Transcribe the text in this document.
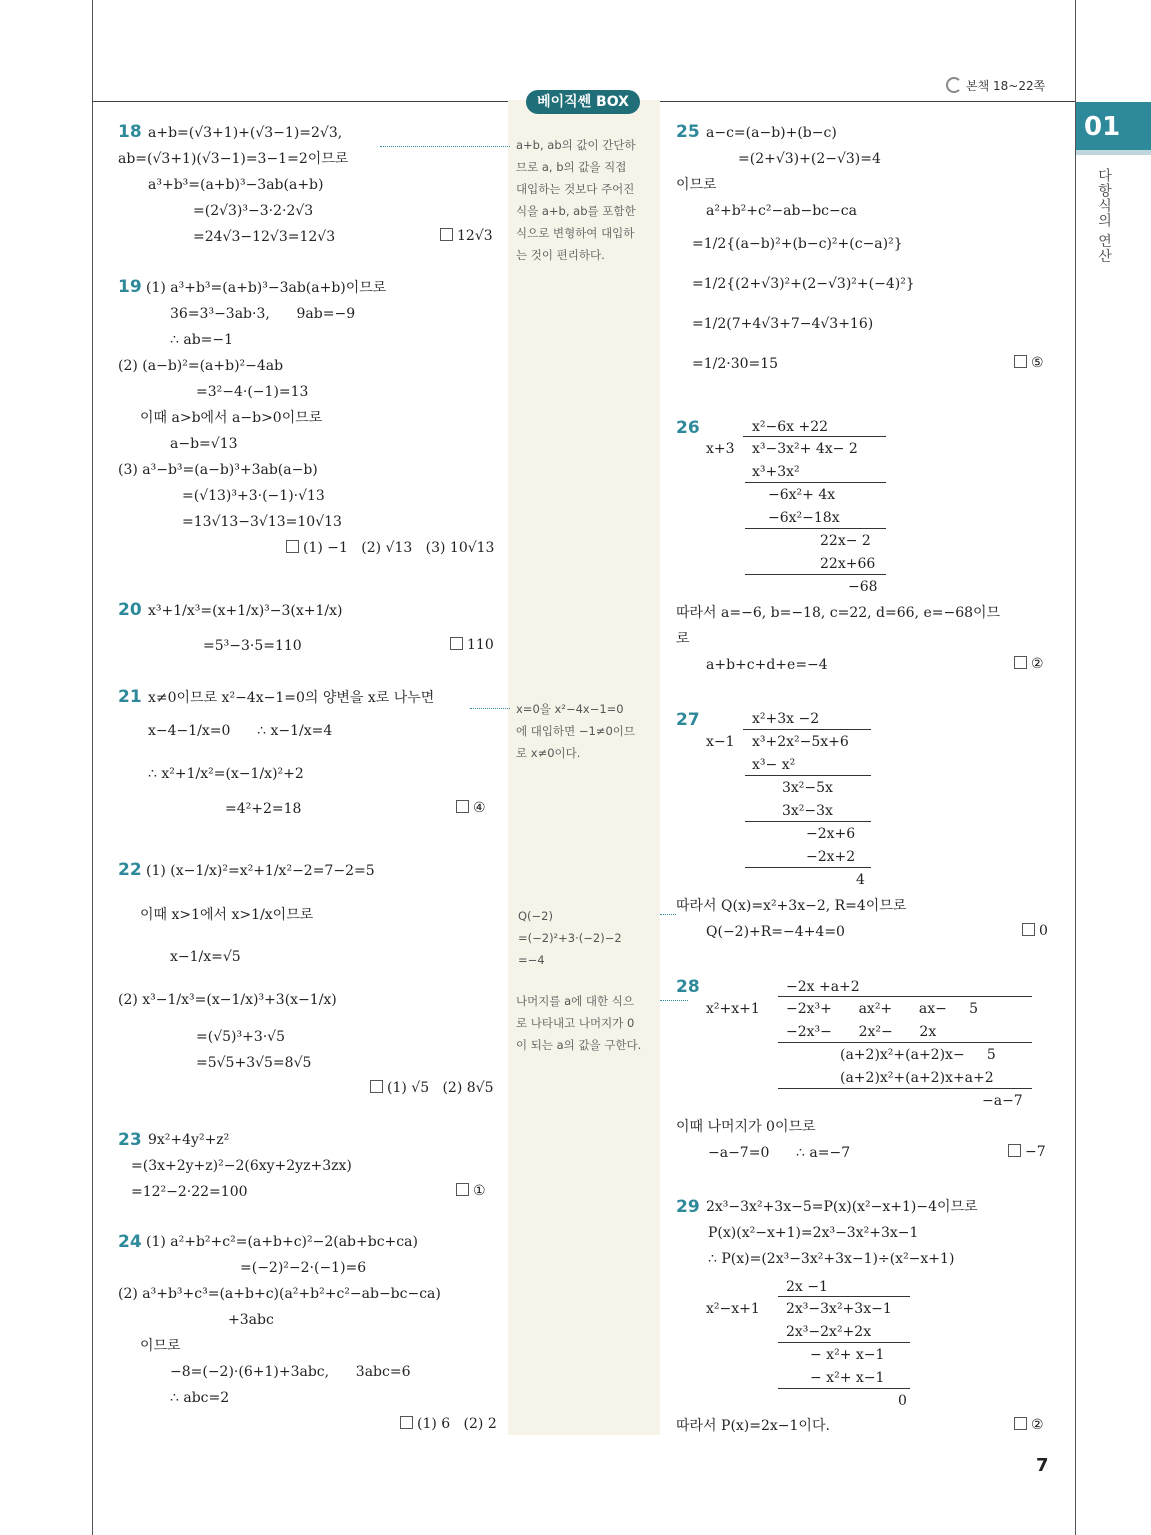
베이직쎈 BOX
본책 18~22쪽
01
다항식의 연산
7
a+b, ab의 값이 간단하
므로 a, b의 값을 직접
대입하는 것보다 주어진
식을 a+b, ab를 포함한
식으로 변형하여 대입하
는 것이 편리하다.
x=0을 x²−4x−1=0
에 대입하면 −1≠0이므
로 x≠0이다.
Q(−2)
=(−2)²+3·(−2)−2
=−4
나머지를 a에 대한 식으
로 나타내고 나머지가 0
이 되는 a의 값을 구한다.
18 a+b=(√3+1)+(√3−1)=2√3,
ab=(√3+1)(√3−1)=3−1=2이므로
a³+b³=(a+b)³−3ab(a+b)
=(2√3)³−3·2·2√3
=24√3−12√3=12√3	12√3
19 (1) a³+b³=(a+b)³−3ab(a+b)이므로
36=3³−3ab·3,      9ab=−9
∴ ab=−1
(2) (a−b)²=(a+b)²−4ab
=3²−4·(−1)=13
이때 a>b에서 a−b>0이므로
a−b=√13
(3) a³−b³=(a−b)³+3ab(a−b)
=(√13)³+3·(−1)·√13
=13√13−3√13=10√13
(1) −1   (2) √13   (3) 10√13
20 x³+1/x³=(x+1/x)³−3(x+1/x)
=5³−3·5=110	110
21 x≠0이므로 x²−4x−1=0의 양변을 x로 나누면
x−4−1/x=0      ∴ x−1/x=4
∴ x²+1/x²=(x−1/x)²+2
=4²+2=18	④
22 (1) (x−1/x)²=x²+1/x²−2=7−2=5
이때 x>1에서 x>1/x이므로
x−1/x=√5
(2) x³−1/x³=(x−1/x)³+3(x−1/x)
=(√5)³+3·√5
=5√5+3√5=8√5
(1) √5   (2) 8√5
23 9x²+4y²+z²
=(3x+2y+z)²−2(6xy+2yz+3zx)
=12²−2·22=100	①
24 (1) a²+b²+c²=(a+b+c)²−2(ab+bc+ca)
=(−2)²−2·(−1)=6
(2) a³+b³+c³=(a+b+c)(a²+b²+c²−ab−bc−ca)
+3abc
이므로
−8=(−2)·(6+1)+3abc,      3abc=6
∴ abc=2
(1) 6   (2) 2
25 a−c=(a−b)+(b−c)
=(2+√3)+(2−√3)=4
이므로
a²+b²+c²−ab−bc−ca
=1/2{(a−b)²+(b−c)²+(c−a)²}
=1/2{(2+√3)²+(2−√3)²+(−4)²}
=1/2(7+4√3+7−4√3+16)
=1/2·30=15	⑤
26	x²−6x +22
x+3 x³−3x²+ 4x− 2
x³+3x²
−6x²+ 4x
−6x²−18x
22x− 2
22x+66
−68
따라서 a=−6, b=−18, c=22, d=66, e=−68이므
로
a+b+c+d+e=−4	②
27	x²+3x −2
x−1 x³+2x²−5x+6
x³− x²
3x²−5x
3x²−3x
−2x+6
−2x+2
4
따라서 Q(x)=x²+3x−2, R=4이므로
Q(−2)+R=−4+4=0	0
28	−2x +a+2
x²+x+1 −2x³+      ax²+      ax−     5
−2x³−      2x²−      2x
(a+2)x²+(a+2)x−     5
(a+2)x²+(a+2)x+a+2
−a−7
이때 나머지가 0이므로
−a−7=0      ∴ a=−7	−7
29 2x³−3x²+3x−5=P(x)(x²−x+1)−4이므로
P(x)(x²−x+1)=2x³−3x²+3x−1
∴ P(x)=(2x³−3x²+3x−1)÷(x²−x+1)
2x −1
x²−x+1 2x³−3x²+3x−1
2x³−2x²+2x
− x²+ x−1
− x²+ x−1
0
따라서 P(x)=2x−1이다.	②
